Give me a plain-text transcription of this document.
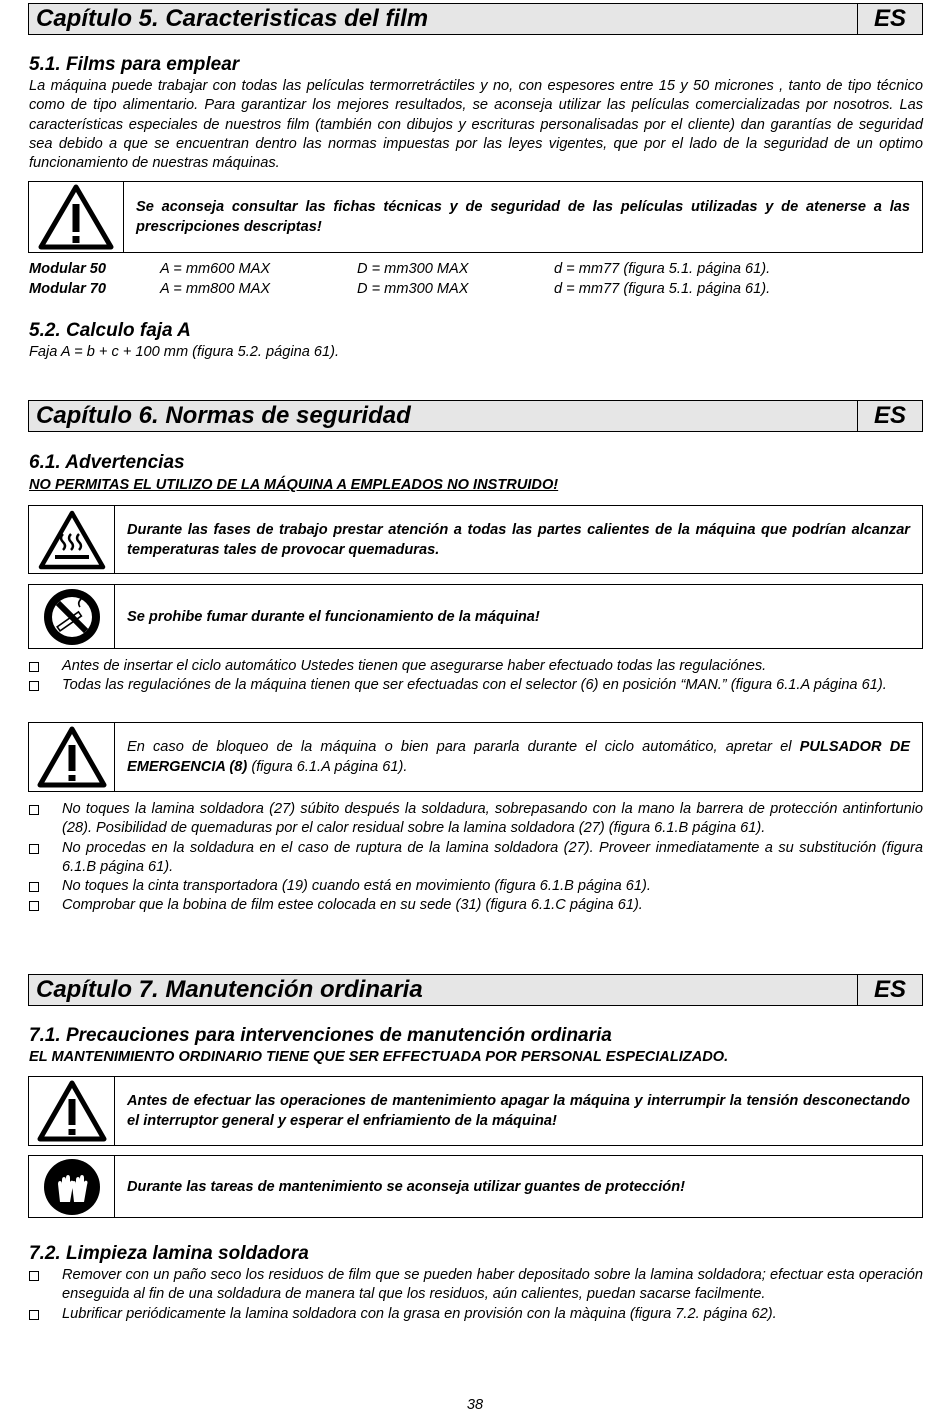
Capítulo 5. Caracteristicas del film	ES
5.1. Films para emplear
La máquina puede trabajar con todas las películas termorretráctiles y no, con espesores entre 15 y 50 micrones , tanto de tipo técnico como de tipo alimentario. Para garantizar los mejores resultados, se aconseja utilizar las películas comercializadas por nosotros. Las características especiales de nuestros film (también con dibujos y escrituras personalisadas por el cliente) dan garantías de seguridad sea debido a que se encuentran dentro las normas impuestas por las leyes vigentes, que por el lado de la seguridad de un optimo funcionamiento de nuestras máquinas.
Se aconseja consultar las fichas técnicas y de seguridad de las películas utilizadas y de atenerse a las prescripciones descriptas!
Modular 50	A = mm600 MAX	D = mm300 MAX	d = mm77 (figura 5.1. página 61).
Modular 70	A = mm800 MAX	D = mm300 MAX	d = mm77 (figura 5.1. página 61).
5.2. Calculo faja A
Faja A = b + c + 100 mm (figura 5.2. página 61).
Capítulo 6. Normas de seguridad	ES
6.1. Advertencias
NO PERMITAS EL UTILIZO DE LA MÁQUINA A EMPLEADOS NO INSTRUIDO!
Durante las fases de trabajo prestar atención a todas las partes calientes de la máquina que podrían alcanzar temperaturas tales de provocar quemaduras.
Se prohibe fumar durante el funcionamiento de la máquina!
Antes de insertar el ciclo automático Ustedes tienen que asegurarse haber efectuado todas las regulaciónes.
Todas las regulaciónes de la máquina tienen que ser efectuadas con el selector (6) en posición “MAN.” (figura 6.1.A página 61).
En caso de bloqueo de la máquina o bien para pararla durante el ciclo automático, apretar el PULSADOR DE EMERGENCIA (8) (figura 6.1.A página 61).
No toques la lamina soldadora (27) súbito después la soldadura, sobrepasando con la mano la barrera de protección antinfortunio (28). Posibilidad de quemaduras por el calor residual sobre la lamina soldadora (27) (figura 6.1.B página 61).
No procedas en la soldadura en el caso de ruptura de la lamina soldadora (27). Proveer inmediatamente a su substitución (figura 6.1.B página 61).
No toques la cinta transportadora (19) cuando está en movimiento (figura 6.1.B página 61).
Comprobar que la bobina de film estee colocada en su sede (31) (figura 6.1.C página 61).
Capítulo 7. Manutención ordinaria	ES
7.1. Precauciones para intervenciones de manutención ordinaria
EL MANTENIMIENTO ORDINARIO TIENE QUE SER EFFECTUADA POR PERSONAL ESPECIALIZADO.
Antes de efectuar las operaciones de mantenimiento apagar la máquina y interrumpir la tensión desconectando el interruptor general y esperar el enfriamiento de la máquina!
Durante las tareas de mantenimiento se aconseja utilizar guantes de protección!
7.2. Limpieza lamina soldadora
Remover con un paño seco los residuos de film que se pueden haber depositado sobre la lamina soldadora; efectuar esta operación enseguida al fin de una soldadura de manera tal que los residuos, aún calientes, puedan sacarse facilmente.
Lubrificar periódicamente la lamina soldadora con la grasa en provisión con la màquina (figura 7.2. página 62).
38
